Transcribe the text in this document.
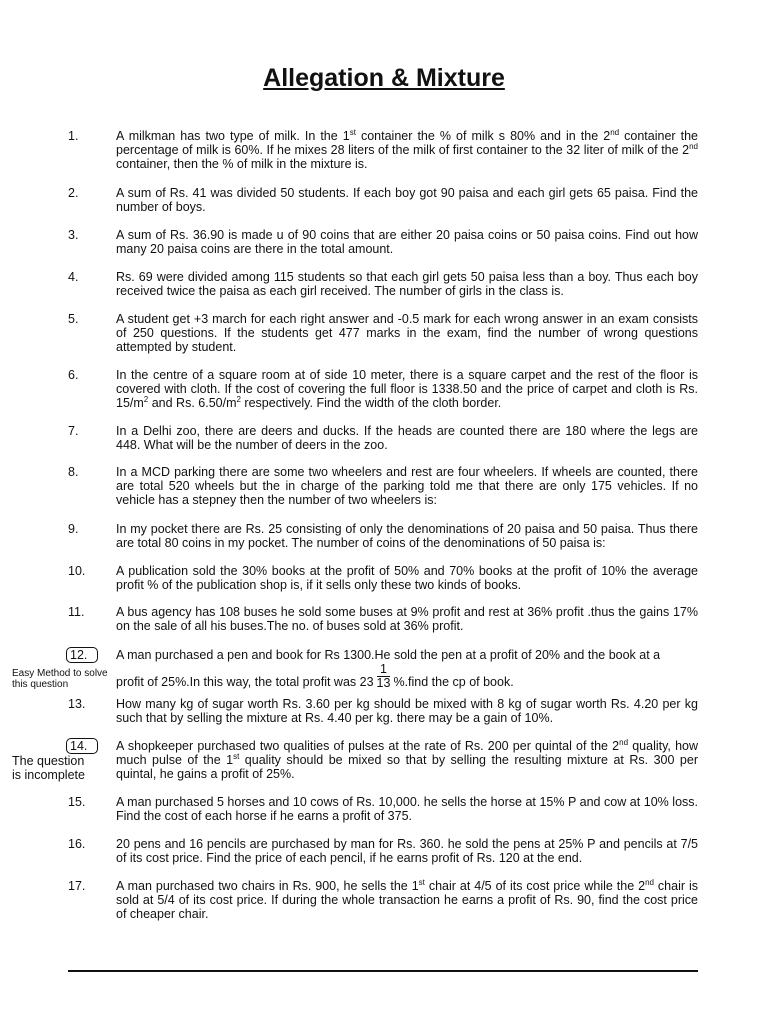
Allegation & Mixture
1.	A milkman has two type of milk. In the 1st container the % of milk s 80% and in the 2nd container the percentage of milk is 60%. If he mixes 28 liters of the milk of first container to the 32 liter of milk of the 2nd container, then the % of milk in the mixture is.

2.	A sum of Rs. 41 was divided 50 students. If each boy got 90 paisa and each girl gets 65 paisa. Find the number of boys.
3.	A sum of Rs. 36.90 is made u of 90 coins that are either 20 paisa coins or 50 paisa coins. Find out how many 20 paisa coins are there in the total amount.
4.	Rs. 69 were divided among 115 students so that each girl gets 50 paisa less than a boy. Thus each boy received twice the paisa as each girl received. The number of girls in the class is.
5.	A student get +3 march for each right answer and -0.5 mark for each wrong answer in an exam consists of 250 questions. If the students get 477 marks in the exam, find the number of wrong questions attempted by student.
6.	In the centre of a square room at of side 10 meter, there is a square carpet and the rest of the floor is covered with cloth. If the cost of covering the full floor is 1338.50 and the price of carpet and cloth is Rs. $15/m^2$ and Rs. $6.50/m^2$ respectively. Find the width of the cloth border.

7.	In a Delhi zoo, there are deers and ducks. If the heads are counted there are 180 where the legs are 448. What will be the number of deers in the zoo.
8.	In a MCD parking there are some two wheelers and rest are four wheelers. If wheels are counted, there are total 520 wheels but the in charge of the parking told me that there are only 175 vehicles. If no vehicle has a stepney then the number of two wheelers is:
9.	In my pocket there are Rs. 25 consisting of only the denominations of 20 paisa and 50 paisa. Thus there are total 80 coins in my pocket. The number of coins of the denominations of 50 paisa is:
10.	A publication sold the 30% books at the profit of 50% and 70% books at the profit of 10% the average profit % of the publication shop is, if it sells only these two kinds of books.
11.	A bus agency has 108 buses he sold some buses at 9% profit and rest at 36% profit .thus the gains 17% on the sale of all his buses.The no. of buses sold at 36% profit.
12.	A man purchased a pen and book for Rs 1300.He sold the pen at a profit of 20% and the book at a

profit of 25%.In this way, the total profit was $23 \frac{1}{13}$ %.find the cp of book.

Easy Method to solve this question
13.	How many kg of sugar worth Rs. 3.60 per kg should be mixed with 8 kg of sugar worth Rs. 4.20 per kg such that by selling the mixture at Rs. 4.40 per kg. there may be a gain of 10%.
14.	A shopkeeper purchased two qualities of pulses at the rate of Rs. 200 per quintal of the 2nd quality, how much pulse of the 1st quality should be mixed so that by selling the resulting mixture at Rs. 300 per quintal, he gains a profit of 25%.

The question is incomplete
15.	A man purchased 5 horses and 10 cows of Rs. 10,000. he sells the horse at 15% P and cow at 10% loss. Find the cost of each horse if he earns a profit of 375.
16.	20 pens and 16 pencils are purchased by man for Rs. 360. he sold the pens at 25% P and pencils at 7/5 of its cost price. Find the price of each pencil, if he earns profit of Rs. 120 at the end.
17.	A man purchased two chairs in Rs. 900, he sells the 1st chair at 4/5 of its cost price while the 2nd chair is sold at 5/4 of its cost price. If during the whole transaction he earns a profit of Rs. 90, find the cost price of cheaper chair.
